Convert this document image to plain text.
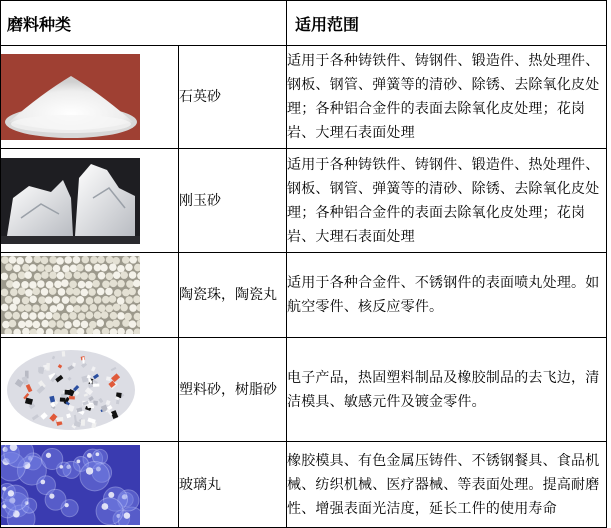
磨料种类		适用范围

	石英砂	适用于各种铸铁件、铸钢件、锻造件、热处理件、钢板、钢管、弹簧等的清砂、除锈、去除氧化皮处理；各种铝合金件的表面去除氧化皮处理；花岗岩、大理石表面处理

	刚玉砂	适用于各种铸铁件、铸钢件、锻造件、热处理件、钢板、钢管、弹簧等的清砂、除锈、去除氧化皮处理；各种铝合金件的表面去除氧化皮处理；花岗岩、大理石表面处理

	陶瓷珠，陶瓷丸	适用于各种合金件、不锈钢件的表面喷丸处理。如航空零件、核反应零件。

	塑料砂，树脂砂	电子产品，热固塑料制品及橡胶制品的去飞边，清洁模具、敏感元件及镀金零件。

	玻璃丸	橡胶模具、有色金属压铸件、不锈钢餐具、食品机械、纺织机械、医疗器械、等表面处理。提高耐磨性、增强表面光洁度，延长工件的使用寿命
